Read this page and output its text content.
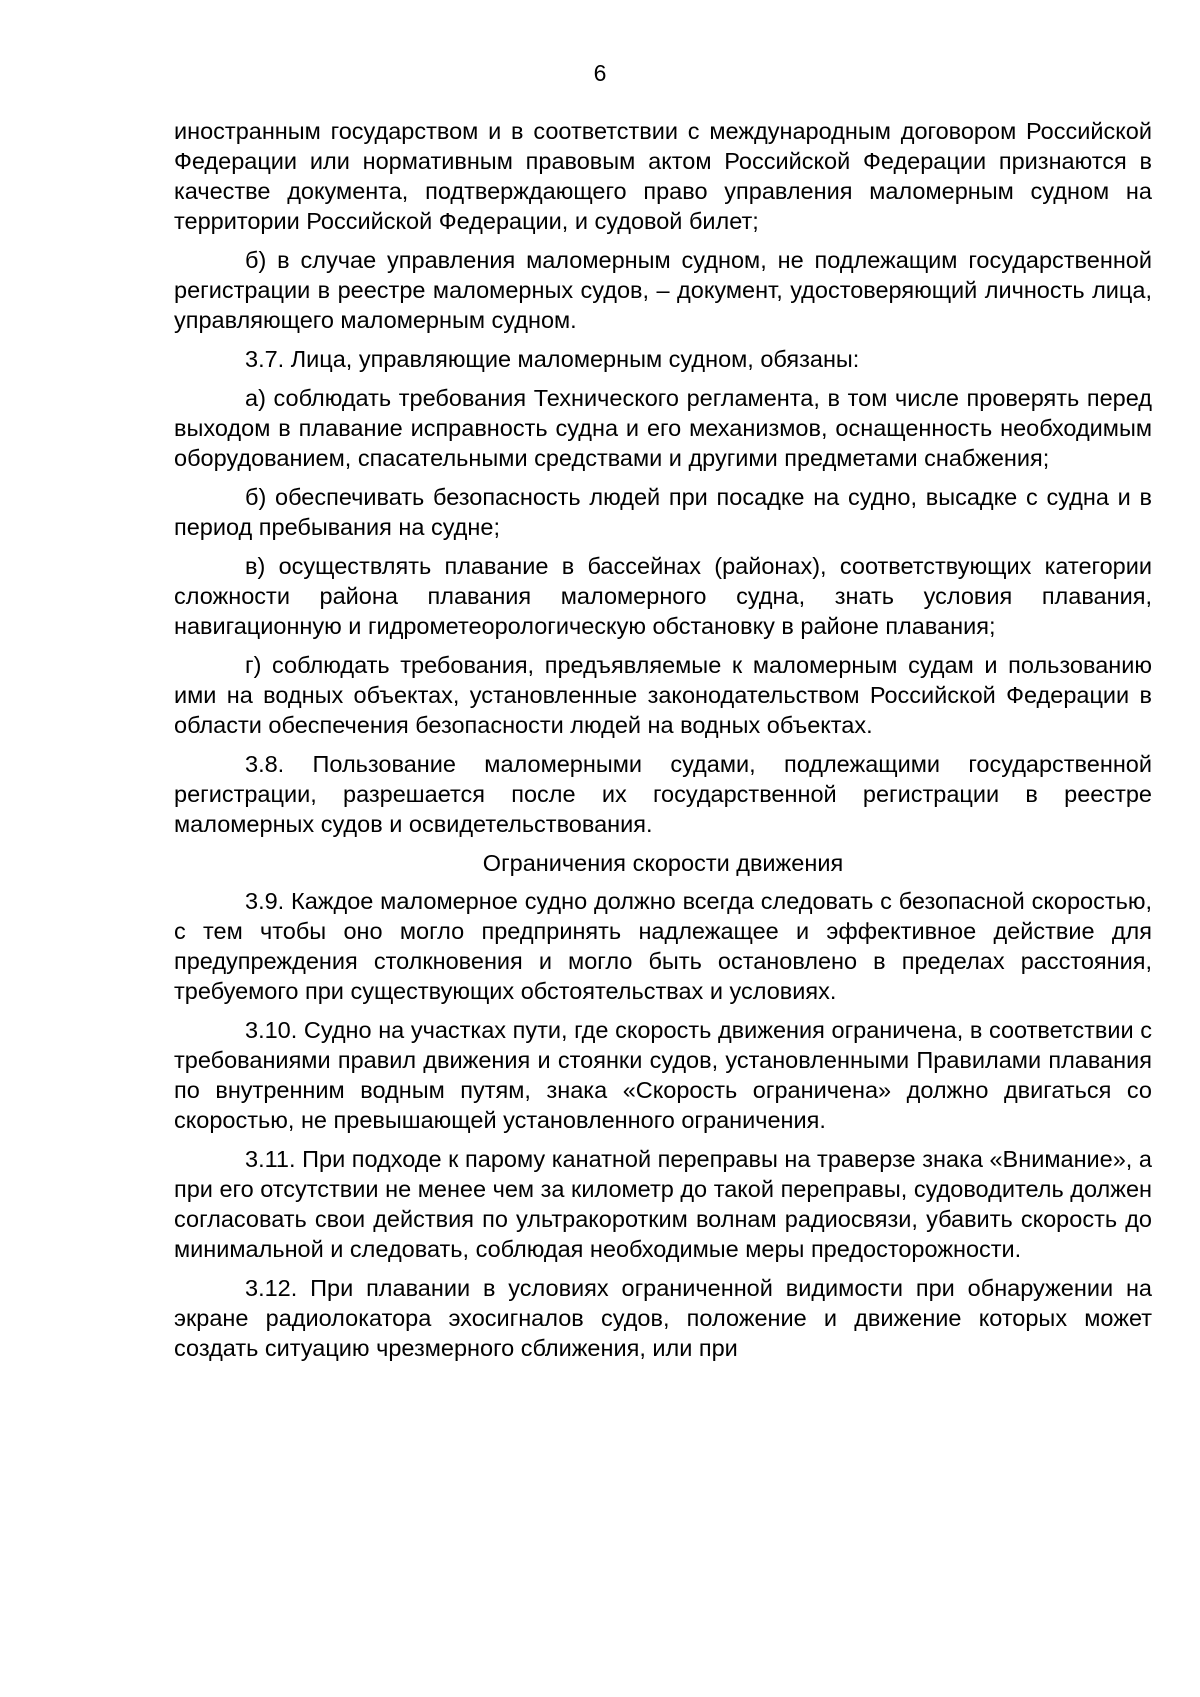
6

иностранным государством и в соответствии с международным договором Российской Федерации или нормативным правовым актом Российской Федерации признаются в качестве документа, подтверждающего право управления маломерным судном на территории Российской Федерации, и судовой билет;

б) в случае управления маломерным судном, не подлежащим государственной регистрации в реестре маломерных судов, – документ, удостоверяющий личность лица, управляющего маломерным судном.

3.7. Лица, управляющие маломерным судном, обязаны:

а) соблюдать требования Технического регламента, в том числе проверять перед выходом в плавание исправность судна и его механизмов, оснащенность необходимым оборудованием, спасательными средствами и другими предметами снабжения;

б) обеспечивать безопасность людей при посадке на судно, высадке с судна и в период пребывания на судне;

в) осуществлять плавание в бассейнах (районах), соответствующих категории сложности района плавания маломерного судна, знать условия плавания, навигационную и гидрометеорологическую обстановку в районе плавания;

г) соблюдать требования, предъявляемые к маломерным судам и пользованию ими на водных объектах, установленные законодательством Российской Федерации в области обеспечения безопасности людей на водных объектах.

3.8. Пользование маломерными судами, подлежащими государственной регистрации, разрешается после их государственной регистрации в реестре маломерных судов и освидетельствования.

Ограничения скорости движения

3.9. Каждое маломерное судно должно всегда следовать с безопасной скоростью, с тем чтобы оно могло предпринять надлежащее и эффективное действие для предупреждения столкновения и могло быть остановлено в пределах расстояния, требуемого при существующих обстоятельствах и условиях.

3.10. Судно на участках пути, где скорость движения ограничена, в соответствии с требованиями правил движения и стоянки судов, установленными Правилами плавания по внутренним водным путям, знака «Скорость ограничена» должно двигаться со скоростью, не превышающей установленного ограничения.

3.11. При подходе к парому канатной переправы на траверзе знака «Внимание», а при его отсутствии не менее чем за километр до такой переправы, судоводитель должен согласовать свои действия по ультракоротким волнам радиосвязи, убавить скорость до минимальной и следовать, соблюдая необходимые меры предосторожности.

3.12. При плавании в условиях ограниченной видимости при обнаружении на экране радиолокатора эхосигналов судов, положение и движение которых может создать ситуацию чрезмерного сближения, или при
